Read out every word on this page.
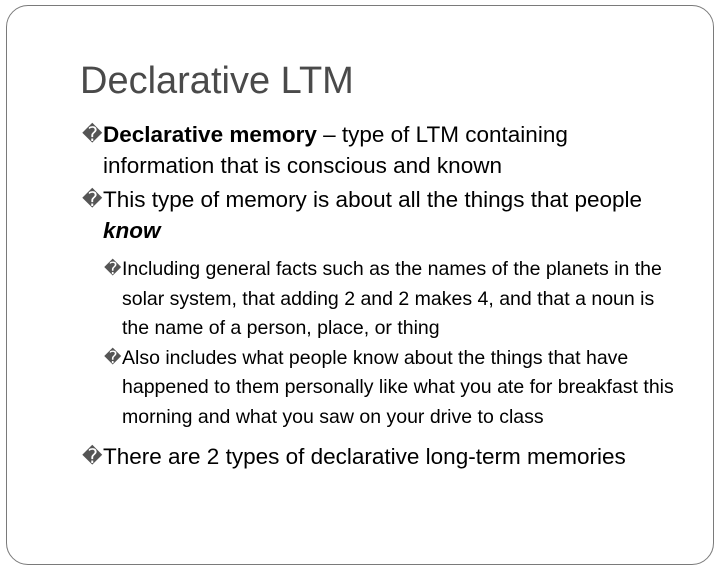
Declarative LTM

� Declarative memory – type of LTM containing information that is conscious and known

� This type of memory is about all the things that people know

� Including general facts such as the names of the planets in the solar system, that adding 2 and 2 makes 4, and that a noun is the name of a person, place, or thing

� Also includes what people know about the things that have happened to them personally like what you ate for breakfast this morning and what you saw on your drive to class

� There are 2 types of declarative long-term memories
